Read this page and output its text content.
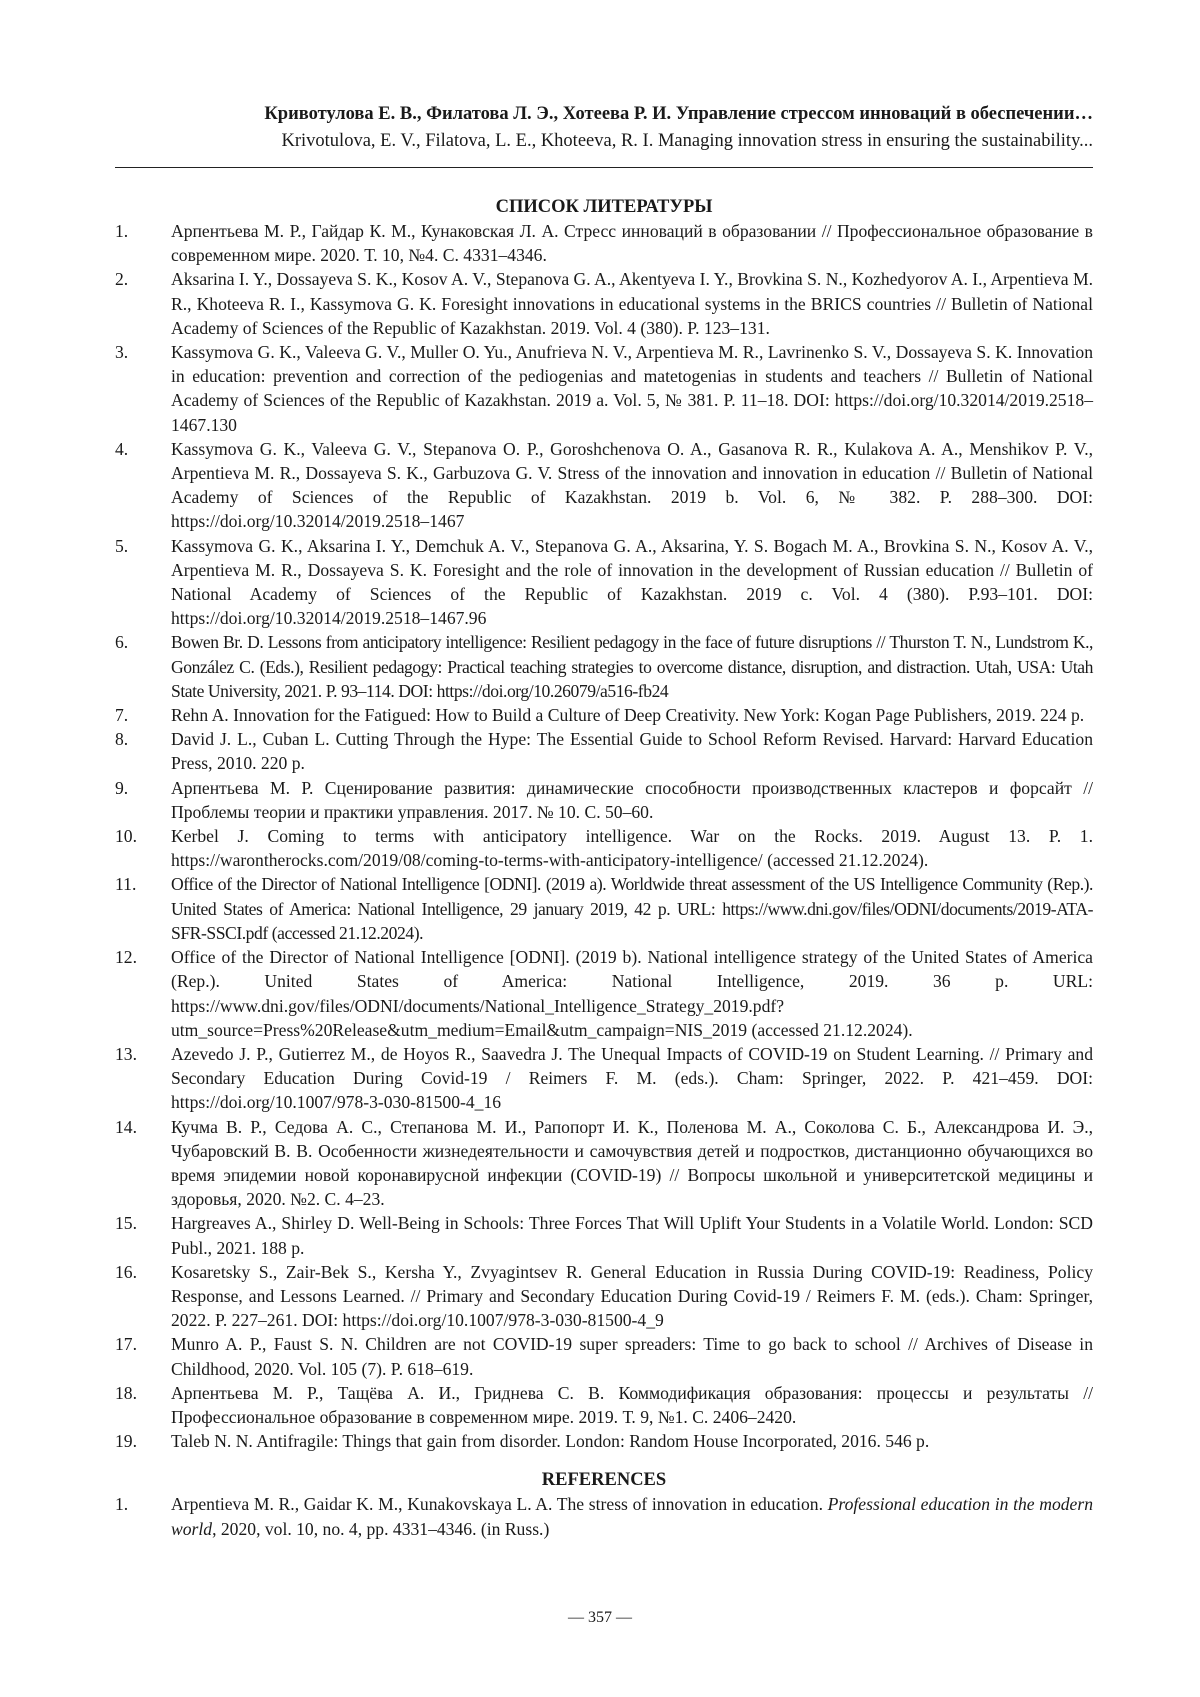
Кривотулова Е. В., Филатова Л. Э., Хотеева Р. И. Управление стрессом инноваций в обеспечении…
Krivotulova, E. V., Filatova, L. E., Khoteeva, R. I. Managing innovation stress in ensuring the sustainability...
СПИСОК ЛИТЕРАТУРЫ
1.	Арпентьева М. Р., Гайдар К. М., Кунаковская Л. А. Стресс инноваций в образовании // Профессиональное образование в современном мире. 2020. Т. 10, №4. С. 4331–4346.
2.	Aksarina I. Y., Dossayeva S. K., Kosov A. V., Stepanova G. A., Akentyeva I. Y., Brovkina S. N., Kozhedyorov A. I., Arpentieva M. R., Khoteeva R. I., Kassymova G. K. Foresight innovations in educational systems in the BRICS countries // Bulletin of National Academy of Sciences of the Republic of Kazakhstan. 2019. Vol. 4 (380). P. 123–131.
3.	Kassymova G. K., Valeeva G. V., Muller O. Yu., Anufrieva N. V., Arpentieva M. R., Lavrinenko S. V., Dossayeva S. K. Innovation in education: prevention and correction of the pediogenias and matetogenias in students and teachers // Bulletin of National Academy of Sciences of the Republic of Kazakhstan. 2019 a. Vol. 5, № 381. P. 11–18. DOI: https://doi.org/10.32014/2019.2518–1467.130
4.	Kassymova G. K., Valeeva G. V., Stepanova O. P., Goroshchenova O. A., Gasanova R. R., Kulakova A. A., Menshikov P. V., Arpentieva M. R., Dossayeva S. K., Garbuzova G. V. Stress of the innovation and innovation in education // Bulletin of National Academy of Sciences of the Republic of Kazakhstan. 2019 b. Vol. 6, № 382. P. 288–300. DOI: https://doi.org/10.32014/2019.2518–1467
5.	Kassymova G. K., Aksarina I. Y., Demchuk A. V., Stepanova G. A., Aksarina, Y. S. Bogach M. A., Brovkina S. N., Kosov A. V., Arpentieva M. R., Dossayeva S. K. Foresight and the role of innovation in the development of Russian education // Bulletin of National Academy of Sciences of the Republic of Kazakhstan. 2019 c. Vol. 4 (380). P.93–101. DOI: https://doi.org/10.32014/2019.2518–1467.96
6.	Bowen Br. D. Lessons from anticipatory intelligence: Resilient pedagogy in the face of future disruptions // Thurston T. N., Lundstrom K., González C. (Eds.), Resilient pedagogy: Practical teaching strategies to overcome distance, disruption, and distraction. Utah, USA: Utah State University, 2021. P. 93–114. DOI: https://doi.org/10.26079/a516-fb24
7.	Rehn A. Innovation for the Fatigued: How to Build a Culture of Deep Creativity. New York: Kogan Page Publishers, 2019. 224 p.
8.	David J. L., Cuban L. Cutting Through the Hype: The Essential Guide to School Reform Revised. Harvard: Harvard Education Press, 2010. 220 p.
9.	Арпентьева М. Р. Сценирование развития: динамические способности производственных кластеров и форсайт // Проблемы теории и практики управления. 2017. № 10. С. 50–60.
10.	Kerbel J. Coming to terms with anticipatory intelligence. War on the Rocks. 2019. August 13. P. 1. https://warontherocks.com/2019/08/coming-to-terms-with-anticipatory-intelligence/ (accessed 21.12.2024).
11.	Office of the Director of National Intelligence [ODNI]. (2019 a). Worldwide threat assessment of the US Intelligence Community (Rep.). United States of America: National Intelligence, 29 january 2019, 42 p. URL: https://www.dni.gov/files/ODNI/documents/2019-ATA-SFR-SSCI.pdf (accessed 21.12.2024).
12.	Office of the Director of National Intelligence [ODNI]. (2019 b). National intelligence strategy of the United States of America (Rep.). United States of America: National Intelligence, 2019. 36 p. URL: https://www.dni.gov/files/ODNI/documents/National_Intelligence_Strategy_2019.pdf?utm_source=Press%20Release&utm_medium=Email&utm_campaign=NIS_2019 (accessed 21.12.2024).
13.	Azevedo J. P., Gutierrez M., de Hoyos R., Saavedra J. The Unequal Impacts of COVID-19 on Student Learning. // Primary and Secondary Education During Covid-19 / Reimers F. M. (eds.). Cham: Springer, 2022. P. 421–459. DOI: https://doi.org/10.1007/978-3-030-81500-4_16
14.	Кучма В. Р., Седова А. С., Степанова М. И., Рапопорт И. К., Поленова М. А., Соколова С. Б., Александрова И. Э., Чубаровский В. В. Особенности жизнедеятельности и самочувствия детей и подростков, дистанционно обучающихся во время эпидемии новой коронавирусной инфекции (COVID-19) // Вопросы школьной и университетской медицины и здоровья, 2020. №2. С. 4–23.
15.	Hargreaves A., Shirley D. Well-Being in Schools: Three Forces That Will Uplift Your Students in a Volatile World. London: SCD Publ., 2021. 188 p.
16.	Kosaretsky S., Zair-Bek S., Kersha Y., Zvyagintsev R. General Education in Russia During COVID-19: Readiness, Policy Response, and Lessons Learned. // Primary and Secondary Education During Covid-19 / Reimers F. M. (eds.). Cham: Springer, 2022. P. 227–261. DOI: https://doi.org/10.1007/978-3-030-81500-4_9
17.	Munro A. P., Faust S. N. Children are not COVID-19 super spreaders: Time to go back to school // Archives of Disease in Childhood, 2020. Vol. 105 (7). P. 618–619.
18.	Арпентьева М. Р., Тащёва А. И., Гриднева С. В. Коммодификация образования: процессы и результаты // Профессиональное образование в современном мире. 2019. Т. 9, №1. С. 2406–2420.
19.	Taleb N. N. Antifragile: Things that gain from disorder. London: Random House Incorporated, 2016. 546 p.
REFERENCES
1.	Arpentieva M. R., Gaidar K. M., Kunakovskaya L. A. The stress of innovation in education. Professional education in the modern world, 2020, vol. 10, no. 4, pp. 4331–4346. (in Russ.)
— 357 —
